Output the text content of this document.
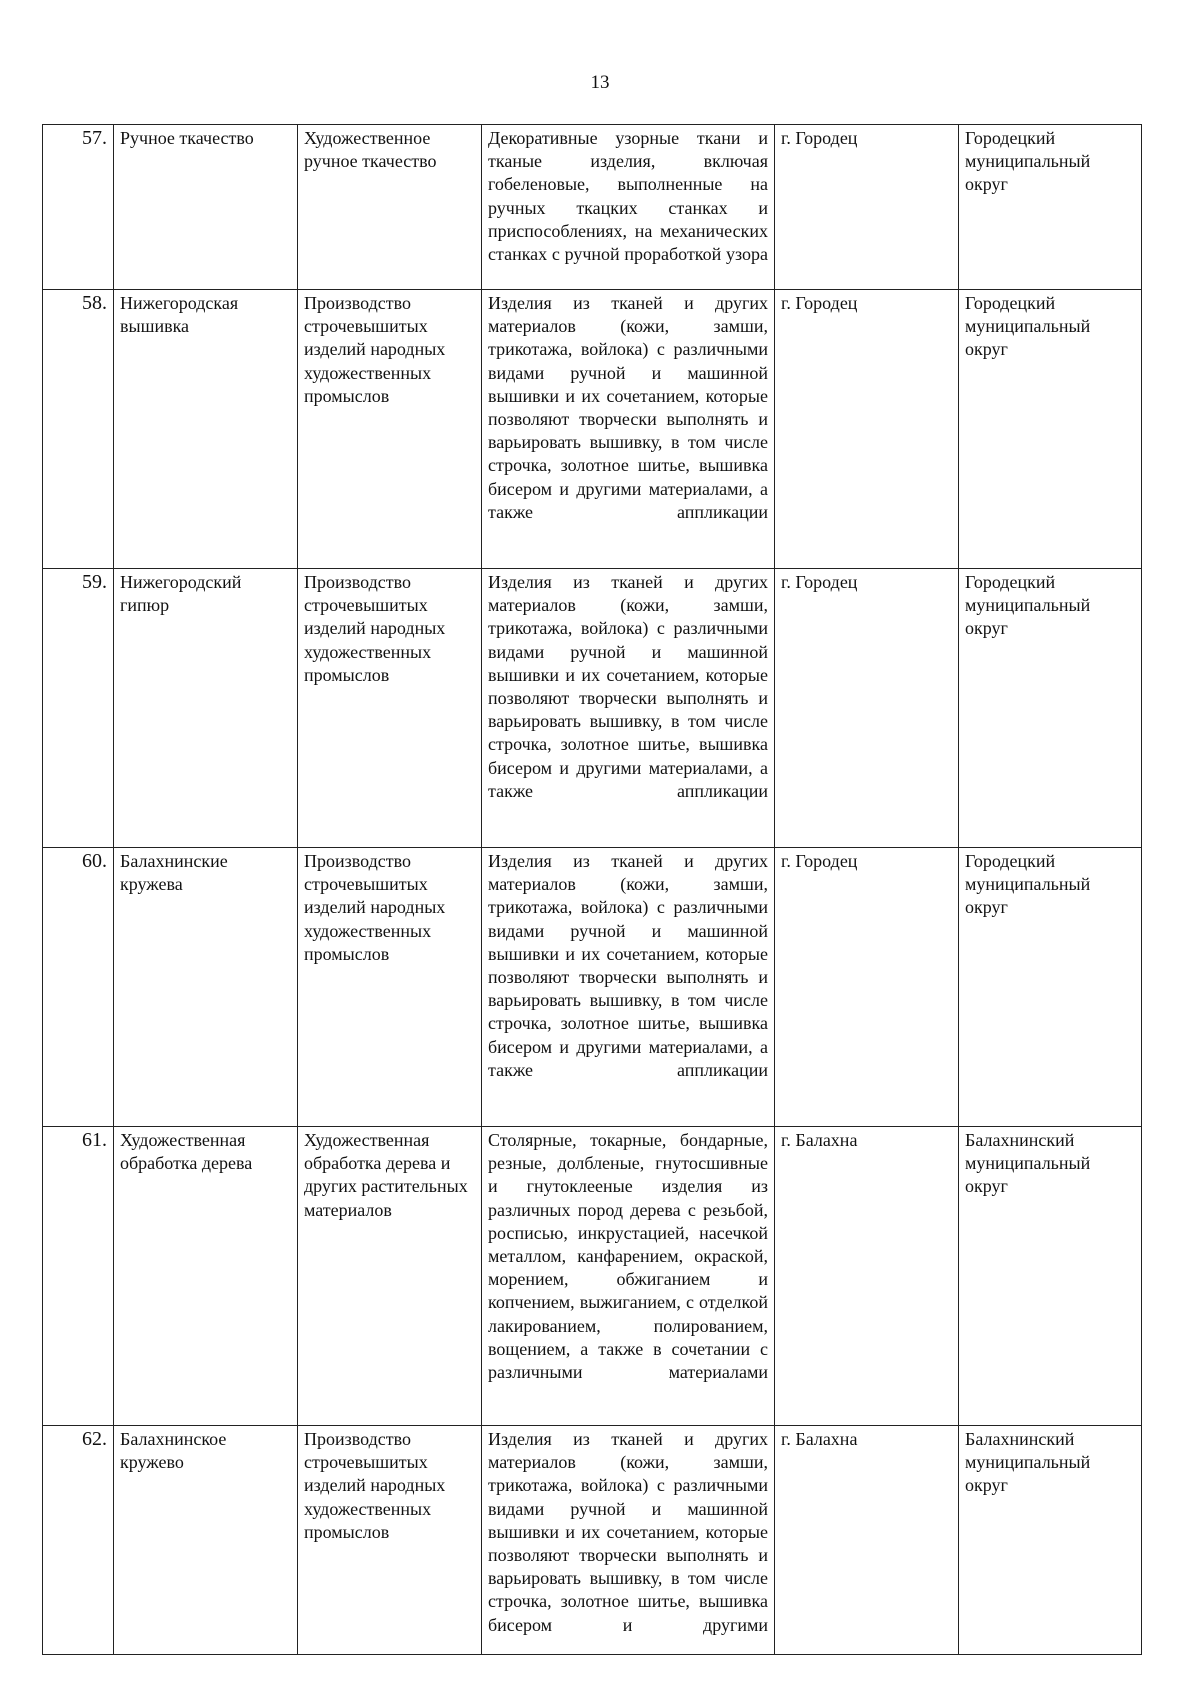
13
57.	Ручное ткачество	Художественное ручное ткачество	Декоративные узорные ткани и тканые изделия, включая гобеленовые, выполненные на ручных ткацких станках и приспособлениях, на механических станках с ручной проработкой узора	г. Городец	Городецкий муниципальный округ
58.	Нижегородская вышивка	Производство строчевышитых изделий народных художественных промыслов	Изделия из тканей и других материалов (кожи, замши, трикотажа, войлока) с различными видами ручной и машинной вышивки и их сочетанием, которые позволяют творчески выполнять и варьировать вышивку, в том числе строчка, золотное шитье, вышивка бисером и другими материалами, а также аппликации	г. Городец	Городецкий муниципальный округ
59.	Нижегородский гипюр	Производство строчевышитых изделий народных художественных промыслов	Изделия из тканей и других материалов (кожи, замши, трикотажа, войлока) с различными видами ручной и машинной вышивки и их сочетанием, которые позволяют творчески выполнять и варьировать вышивку, в том числе строчка, золотное шитье, вышивка бисером и другими материалами, а также аппликации	г. Городец	Городецкий муниципальный округ
60.	Балахнинские кружева	Производство строчевышитых изделий народных художественных промыслов	Изделия из тканей и других материалов (кожи, замши, трикотажа, войлока) с различными видами ручной и машинной вышивки и их сочетанием, которые позволяют творчески выполнять и варьировать вышивку, в том числе строчка, золотное шитье, вышивка бисером и другими материалами, а также аппликации	г. Городец	Городецкий муниципальный округ
61.	Художественная обработка дерева	Художественная обработка дерева и других растительных материалов	Столярные, токарные, бондарные, резные, долбленые, гнутосшивные и гнутоклееные изделия из различных пород дерева с резьбой, росписью, инкрустацией, насечкой металлом, канфарением, окраской, морением, обжиганием и копчением, выжиганием, с отделкой лакированием, полированием, вощением, а также в сочетании с различными материалами	г. Балахна	Балахнинский муниципальный округ
62.	Балахнинское кружево	Производство строчевышитых изделий народных художественных промыслов	Изделия из тканей и других материалов (кожи, замши, трикотажа, войлока) с различными видами ручной и машинной вышивки и их сочетанием, которые позволяют творчески выполнять и варьировать вышивку, в том числе строчка, золотное шитье, вышивка бисером и другими	г. Балахна	Балахнинский муниципальный округ
